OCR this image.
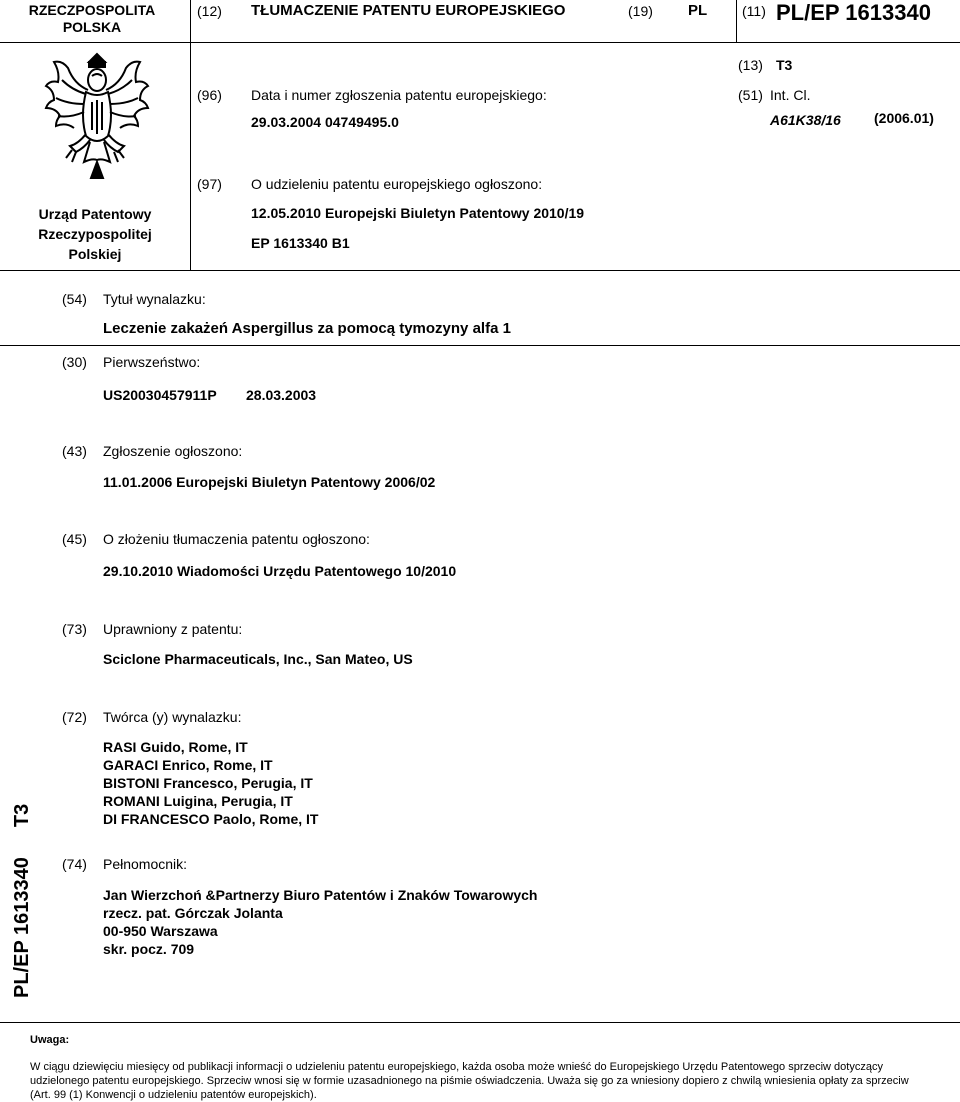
RZECZPOSPOLITA
POLSKA
(12) TŁUMACZENIE PATENTU EUROPEJSKIEGO	(19) PL (11) PL/EP 1613340
(13) T3
(51) Int. Cl.
A61K38/16 (2006.01)
Urząd Patentowy
Rzeczypospolitej
Polskiej
(96) Data i numer zgłoszenia patentu europejskiego:
29.03.2004 04749495.0
(97) O udzieleniu patentu europejskiego ogłoszono:
12.05.2010 Europejski Biuletyn Patentowy 2010/19
EP 1613340 B1
(54) Tytuł wynalazku:
Leczenie zakażeń Aspergillus za pomocą tymozyny alfa 1
(30) Pierwszeństwo:
US20030457911P 28.03.2003
(43) Zgłoszenie ogłoszono:
11.01.2006 Europejski Biuletyn Patentowy 2006/02
(45) O złożeniu tłumaczenia patentu ogłoszono:
29.10.2010 Wiadomości Urzędu Patentowego 10/2010
(73) Uprawniony z patentu:
Sciclone Pharmaceuticals, Inc., San Mateo, US
(72) Twórca (y) wynalazku:
RASI Guido, Rome, IT
GARACI Enrico, Rome, IT
BISTONI Francesco, Perugia, IT
ROMANI Luigina, Perugia, IT
DI FRANCESCO Paolo, Rome, IT
(74) Pełnomocnik:
Jan Wierzchoń &Partnerzy Biuro Patentów i Znaków Towarowych
rzecz. pat. Górczak Jolanta
00-950 Warszawa
skr. pocz. 709
PL/EP 1613340
T3
Uwaga:
W ciągu dziewięciu miesięcy od publikacji informacji o udzieleniu patentu europejskiego, każda osoba może wnieść do Europejskiego Urzędu Patentowego sprzeciw dotyczący udzielonego patentu europejskiego. Sprzeciw wnosi się w formie uzasadnionego na piśmie oświadczenia. Uważa się go za wniesiony dopiero z chwilą wniesienia opłaty za sprzeciw (Art. 99 (1) Konwencji o udzieleniu patentów europejskich).
